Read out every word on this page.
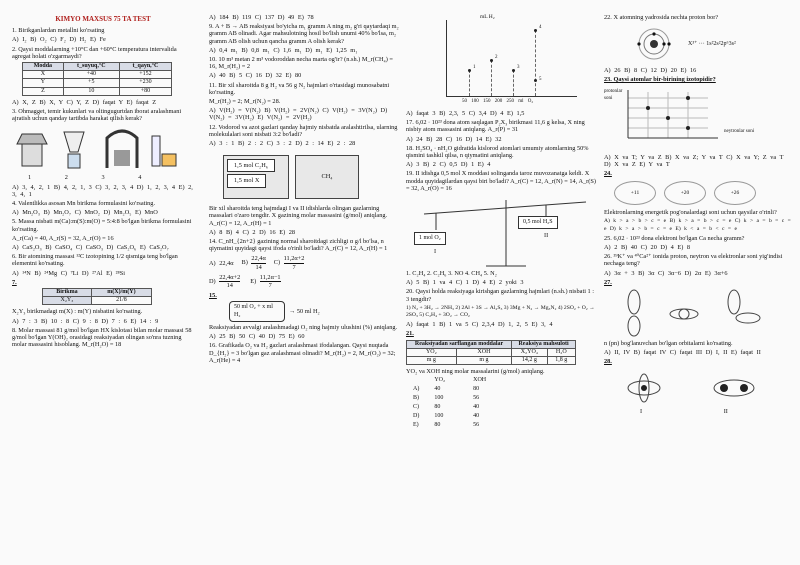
KIMYO MAXSUS 75 TA TEST
1. Birikganlardan metallni ko'rsating
A) I₂ B) O₂ C) F₂ D) H₂ E) Fe
2. Qaysi moddalarning +10°C dan +60°C temperatura intervalida agregat holati o'zgarmaydi?
Modda	t_suyuq,°C	t_qayn,°C
X	+40	+152
Y	+5	+230
Z	10	+80
A) X, Z B) X, Y C) Y, Z D) faqat Y E) faqat Z
3. Ohmagget, temir kukunlari va oltingugurtdan iborat aralashmani ajratish uchun qanday tartibda harakat qilish kerak?
1	2	3	4
A) 3, 4, 2, 1 B) 4, 2, 1, 3 C) 3, 2, 3, 4 D) 1, 2, 3, 4 E) 2, 3, 4, 1
4. Valentlikka asosan Mn birikma formulasini ko'rsating.
A) Mn₂O₃ B) Mn₂O₇ C) MnO₂ D) Mn₂O₅ E) MnO
5. Massa nisbati m(Ca):m(S):m(O) = 5:4:8 bo'lgan birikma formulasini ko'rsating.
A_r(Ca) = 40, A_r(S) = 32, A_r(O) = 16
A) CaS₂O₃ B) CaSO₄ C) CaSO₃ D) CaS₂O₆ E) CaS₂O₇
6. Bir atomining massasi ¹²C izotopining 1/2 qismiga teng bo'lgan elementni ko'rsating.
A) ¹⁴N B) ²⁴Mg C) ⁷Li D) ²⁷Al E) ²⁸Si
7.
Birikma	m(X)/m(Y)
X₂Y₃	21/8
X₂Y₃ birikmadagi m(X) : m(Y) nisbatini ko'rsating.
A) 7 : 3 B) 10 : 8 C) 9 : 8 D) 7 : 6 E) 14 : 9
8. Molar massasi 81 g/mol bo'lgan HX kislotasi bilan molar massasi 58 g/mol bo'lgan Y(OH)₂ orasidagi reaksiyadan olingan so'nra tuzning molar massasini hisoblang. M_r(H₂O) = 18
A) 184 B) 119 C) 137 D) 49 E) 78
9. A + B → AB reaksiyasi bo'yicha m₁ gramm A ning m₂ g'ri qaytardaqi m₂ gramm AB olinadi. Agar mahsulotning hosil bo'lish unumi 40% bo'lsa, m₂ gramm AB olish uchun qancha gramm A olish kerak?
A) 0,4 m₁ B) 0,8 m₁ C) 1,6 m₁ D) m₁ E) 1,25 m₁
10. 10 m³ metan 2 m³ vodoroddan necha marta og'ir? (n.sh.) M_r(CH₄) = 16, M_r(H₂) = 2
A) 40 B) 5 C) 16 D) 32 E) 80
11. Bir xil sharoitda 8 g H₂ va 56 g N₂ hajmlari o'rtasidagi munosabatni ko'rsating.
M_r(H₂) = 2; M_r(N₂) = 28.
A) V(H₂) = V(N₂) B) V(H₂) = 2V(N₂) C) V(H₂) = 3V(N₂) D) V(N₂) = 3V(H₂) E) V(N₂) = 2V(H₂)
12. Vodorod va azot gazlari qanday hajmiy nisbatda aralashtirilsa, ularning molekulalari soni nisbati 3:2 bo'ladi?
A) 3 : 1 B) 2 : 2 C) 3 : 2 D) 2 : 14 E) 2 : 28
1,5 mol C₂H₆ 1,5 mol X
CH₄
Bir xil sharoitda teng hajmdagi I va II idishlarda olingan gazlarning massalari o'zaro tengdir. X gazining molar massasini (g/mol) aniqlang. A_r(C) = 12, A_r(H) = 1
A) 8 B) 4 C) 2 D) 16 E) 28
14. C_nH_{2n+2} gazining normal sharoitdagi zichligi α g/l bo'lsa, n qiymatini quyidagi qaysi ifoda o'rinli bo'ladi? A_r(C) = 12, A_r(H) = 1
A) 22,4α $B) \frac{22,4\alpha}{14} C) \frac{11,2\alpha+2}{7}$
$D) \frac{22,4\alpha+2}{14} E) \frac{11,2\alpha-1}{7}$
15.
50 ml O₂ + x ml H₂	→ 50 ml H₂
Reaksiyadan avvalgi aralashmadagi O₂ ning hajmiy ulushini (%) aniqlang.
A) 25 B) 50 C) 40 D) 75 E) 60
16. Grafikada O₂ va H₂ gazlari aralashmasi ifodalangan. Qaysi nuqtada D_{H₂} = 3 bo'lgan gaz aralashmasi olinadi? M_r(H₂) = 2, M_r(O₂) = 32; A_r(He) = 4
mL H₂
1
2
3
4
5
50 100 150 200 250 ml O₂
A) faqat 3 B) 2,3, 5 C) 3,4 D) 4 E) 1,5
17. 6,02 · 10²³ dona atom saqlagan P₂X₃ birikmasi 11,6 g kelsa, X ning nisbiy atom massasini aniqlang. A_r(P) = 31
A) 24 B) 28 C) 16 D) 14 E) 32
18. H₂SO₄ · nH₂O gidratida kislorod atomlari umumiy atomlarning 50% qismini tashkil qilsa, n qiymatini aniqlang.
A) 3 B) 2 C) 0,5 D) 1 E) 4
19. II idishga 0,5 mol X moddasi solinganda taroz muvozanatga keldi. X modda quyidagilardan qaysi biri bo'ladi? A_r(C) = 12, A_r(N) = 14, A_r(S) = 32, A_r(O) = 16
1 mol O₂
0,5 mol H₂S
I
II
1. C₂H₄ 2. C₂H₆ 3. NO 4. CH₄ 5. N₂
A) 5 B) 1 va 4 C) 1 D) 4 E) 2 yoki 3
20. Qaysi holda reaksiyaga kirishgan gazlarning hajmlari (n.sh.) nisbati 1 : 3 tengdir?
1) N₂ + 3H₂ → 2NH₃ 2) 2Al + 3S → Al₂S₃ 3) 3Mg + N₂ → Mg₃N₂ 4) 2SO₂ + O₂ → 2SO₃ 5) C₂H₄ + 3O₂ → CO₂
A) faqat 1 B) 1 va 5 C) 2,3,4 D) 1, 2, 5 E) 3, 4
21.
Reaksiyadan sarflangan moddalar		Reaksiya mahsuloti	
YO₂	XOH	X₂YO₄	H₂O
m g	m g	14,2 g	1,8 g
YO₂ va XOH ning molar massalarini (g/mol) aniqlang.
	YO₂	XOH
A)	40	80
B)	100	56
C)	80	40
D)	100	40
E)	80	56
22. X atomning yadrosida nechta proton bor?
X³⁺ ··· 1s²2s²2p⁶3s²
A) 26 B) 8 C) 12 D) 20 E) 16
23. Qaysi atomlar bir-birining izotopidir?
protonlar soni
neytronlar soni
A) X va T; Y va Z B) X va Z; Y va T C) X va Y; Z va T D) X va Z E) Y va T
24.
+11	+20	+26
Elektronlarning energetik pog'onalardagi soni uchun qaysilar o'rinli?
A) k > a > b > c = e B) k > a = b > c = e C) k > a = b = c = e D) k > a > b = c = e E) k < a = b < c = e
25. 6,02 · 10²³ dona elektroni bo'lgan Ca necha gramm?
A) 2 B) 40 C) 20 D) 4 E) 8
26. ³⁹K⁺ va ⁴⁰Ca²⁺ ionida proton, neytron va elektronlar soni yig'indisi nechaga teng?
A) 3α + 3 B) 3α C) 3α−6 D) 2α E) 3α+6
27.
n (pn) bog'lanuvchan bo'lgan orbitalarni ko'rsating.
A) II, IV B) faqat IV C) faqat III D) I, II E) faqat II
28.
I	II
